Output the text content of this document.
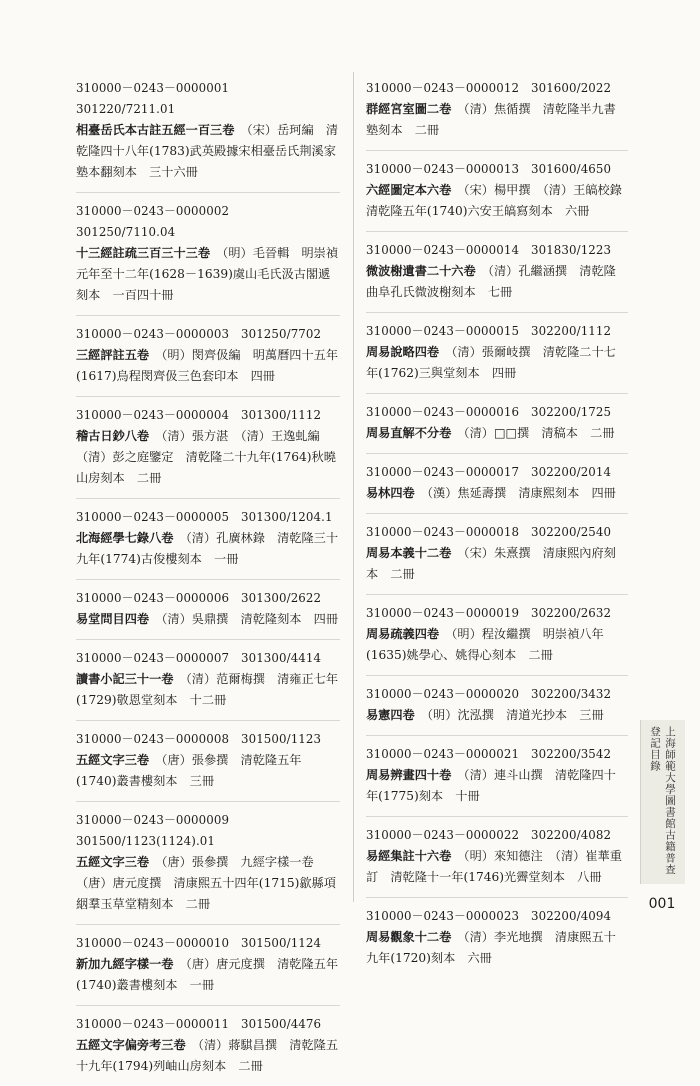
310000－0243－0000001　301220/7211.01
相臺岳氏本古註五經一百三卷　 （宋）岳珂編　清乾隆四十八年(1783)武英殿據宋相臺岳氏荆溪家塾本翻刻本　三十六冊
310000－0243－0000002　301250/7110.04
十三經註疏三百三十三卷　 （明）毛晉輯　明崇禎元年至十二年(1628－1639)虞山毛氏汲古閣遞刻本　一百四十冊
310000－0243－0000003　301250/7702
三經評註五卷　 （明）閔齊伋編　明萬曆四十五年(1617)烏程閔齊伋三色套印本　四冊
310000－0243－0000004　301300/1112
稽古日鈔八卷　 （清）張方湛　（清）王逸虬編　（清）彭之庭鑒定　清乾隆二十九年(1764)秋曉山房刻本　二冊
310000－0243－0000005　301300/1204.1
北海經學七錄八卷　 （清）孔廣林錄　清乾隆三十九年(1774)古俊樓刻本　一冊
310000－0243－0000006　301300/2622
易堂問目四卷　 （清）吳鼎撰　清乾隆刻本　四冊
310000－0243－0000007　301300/4414
讀書小記三十一卷　 （清）范爾梅撰　清雍正七年(1729)敬恩堂刻本　十二冊
310000－0243－0000008　301500/1123
五經文字三卷　 （唐）張參撰　清乾隆五年(1740)叢書樓刻本　三冊
310000－0243－0000009　301500/1123(1124).01
五經文字三卷　 （唐）張參撰　九經字樣一卷　（唐）唐元度撰　清康熙五十四年(1715)歙縣項絪羣玉草堂精刻本　二冊
310000－0243－0000010　301500/1124
新加九經字樣一卷　 （唐）唐元度撰　清乾隆五年(1740)叢書樓刻本　一冊
310000－0243－0000011　301500/4476
五經文字偏旁考三卷　 （清）蔣騏昌撰　清乾隆五十九年(1794)列岫山房刻本　二冊
310000－0243－0000012　301600/2022
群經宮室圖二卷　 （清）焦循撰　清乾隆半九書塾刻本　二冊
310000－0243－0000013　301600/4650
六經圖定本六卷　 （宋）楊甲撰　（清）王皜校錄　清乾隆五年(1740)六安王皜寫刻本　六冊
310000－0243－0000014　301830/1223
微波榭遺書二十六卷　 （清）孔繼涵撰　清乾隆曲阜孔氏微波榭刻本　七冊
310000－0243－0000015　302200/1112
周易說略四卷　 （清）張爾岐撰　清乾隆二十七年(1762)三與堂刻本　四冊
310000－0243－0000016　302200/1725
周易直解不分卷　 （清）□□撰　清稿本　二冊
310000－0243－0000017　302200/2014
易林四卷　 （漢）焦延壽撰　清康熙刻本　四冊
310000－0243－0000018　302200/2540
周易本義十二卷　 （宋）朱熹撰　清康熙內府刻本　二冊
310000－0243－0000019　302200/2632
周易疏義四卷　 （明）程汝繼撰　明崇禎八年(1635)姚學心、姚得心刻本　二冊
310000－0243－0000020　302200/3432
易憲四卷　 （明）沈泓撰　清道光抄本　三冊
310000－0243－0000021　302200/3542
周易辨畫四十卷　 （清）連斗山撰　清乾隆四十年(1775)刻本　十冊
310000－0243－0000022　302200/4082
易經集註十六卷　 （明）來知德注　（清）崔華重訂　清乾隆十一年(1746)光霽堂刻本　八冊
310000－0243－0000023　302200/4094
周易觀象十二卷　 （清）李光地撰　清康熙五十九年(1720)刻本　六冊
上海師範大學圖書館古籍普查登記目錄
001
